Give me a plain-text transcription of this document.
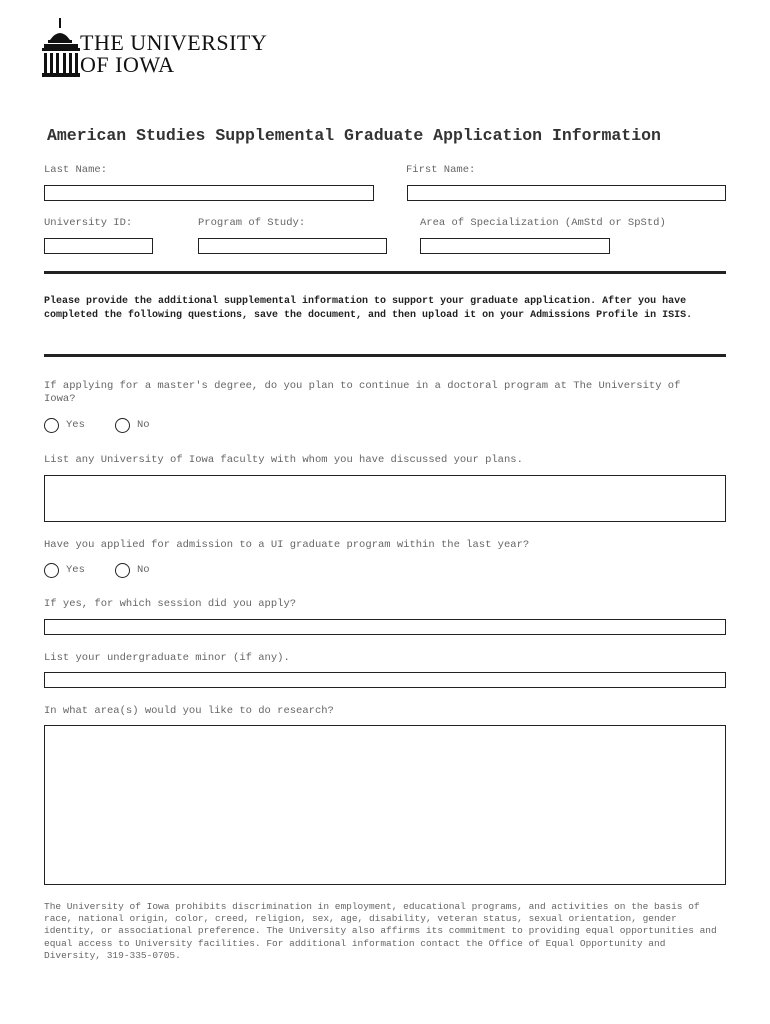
THE UNIVERSITY
OF IOWA
American Studies Supplemental Graduate Application Information
Last Name:	First Name:
University ID:	Program of Study:	Area of Specialization (AmStd or SpStd)
Please provide the additional supplemental information to support your graduate application. After you have completed the following questions, save the document, and then upload it on your Admissions Profile in ISIS.
If applying for a master's degree, do you plan to continue in a doctoral program at The University of Iowa?
Yes	No
List any University of Iowa faculty with whom you have discussed your plans.
Have you applied for admission to a UI graduate program within the last year?
Yes	No
If yes, for which session did you apply?
List your undergraduate minor (if any).
In what area(s) would you like to do research?
The University of Iowa prohibits discrimination in employment, educational programs, and activities on the basis of race, national origin, color, creed, religion, sex, age, disability, veteran status, sexual orientation, gender identity, or associational preference. The University also affirms its commitment to providing equal opportunities and equal access to University facilities. For additional information contact the Office of Equal Opportunity and Diversity, 319-335-0705.
